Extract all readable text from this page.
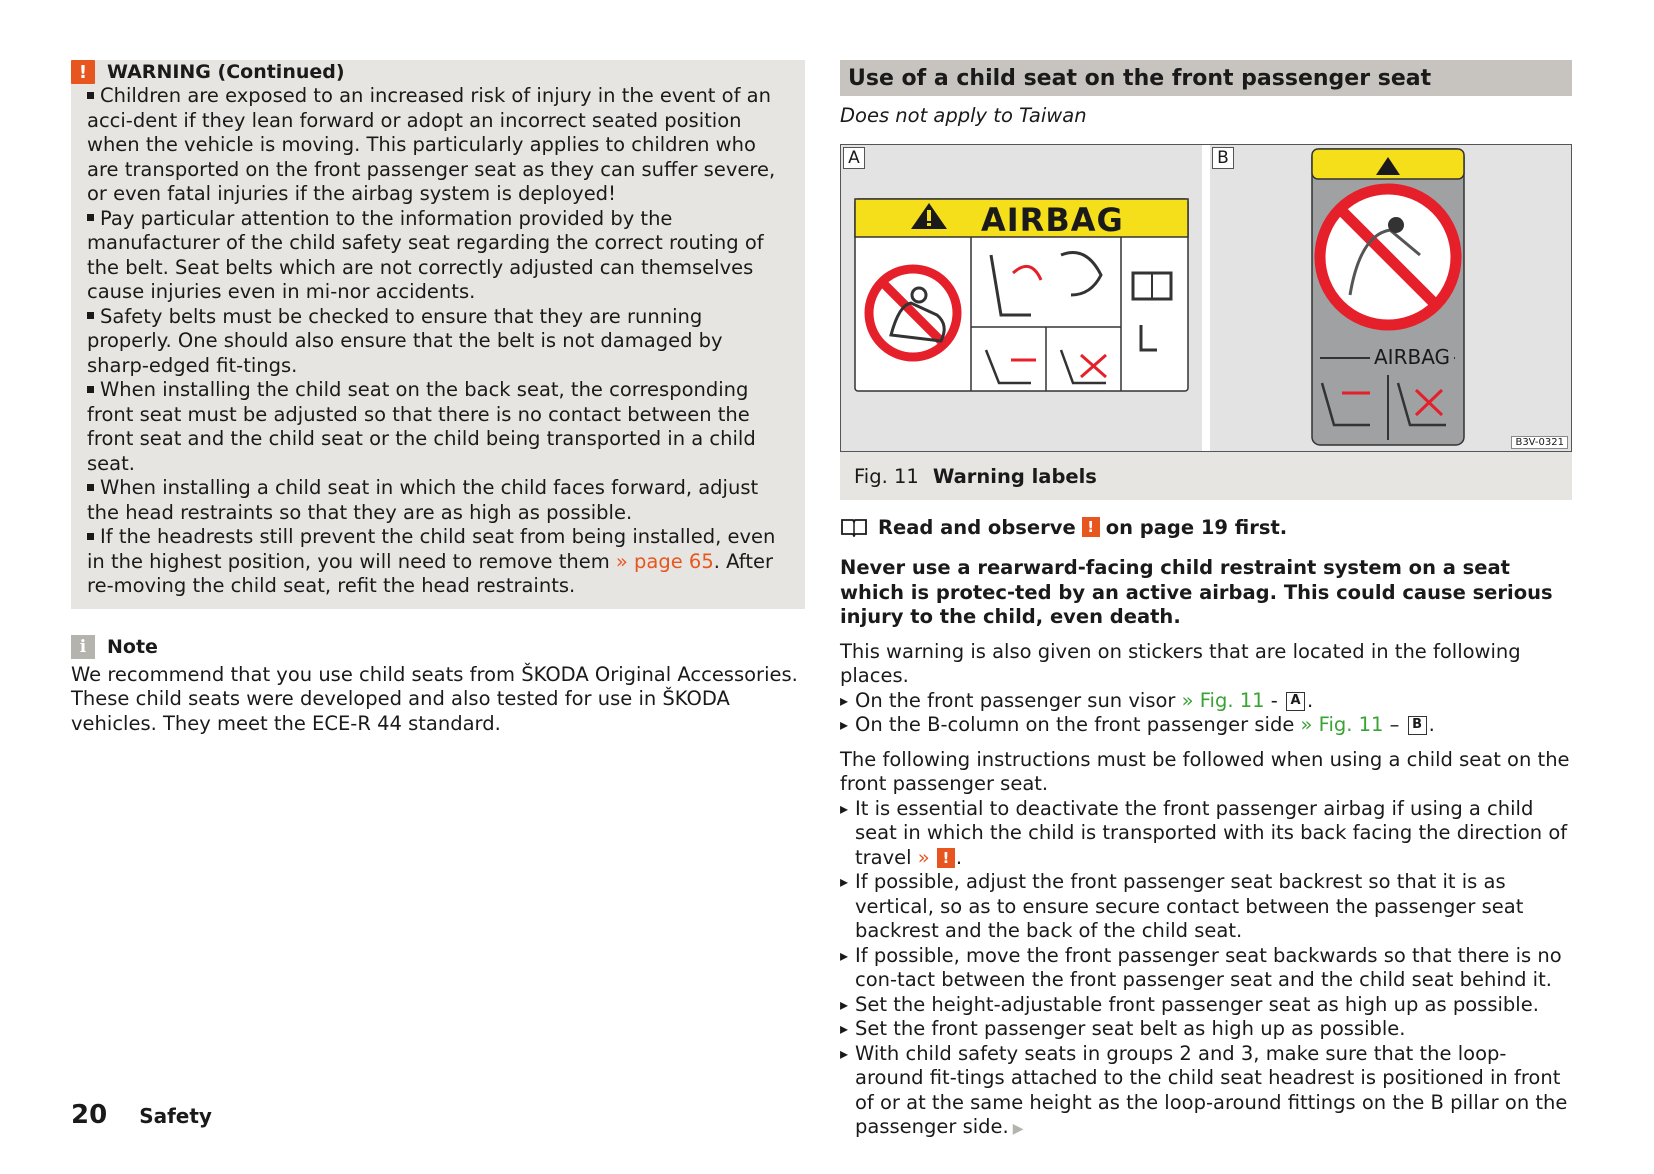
!	WARNING (Continued)

Children are exposed to an increased risk of injury in the event of an acci-dent if they lean forward or adopt an incorrect seated position when the vehicle is moving. This particularly applies to children who are transported on the front passenger seat as they can suffer severe, or even fatal injuries if the airbag system is deployed!

Pay particular attention to the information provided by the manufacturer of the child safety seat regarding the correct routing of the belt. Seat belts which are not correctly adjusted can themselves cause injuries even in mi-nor accidents.

Safety belts must be checked to ensure that they are running properly. One should also ensure that the belt is not damaged by sharp-edged fit-tings.

When installing the child seat on the back seat, the corresponding front seat must be adjusted so that there is no contact between the front seat and the child seat or the child being transported in a child seat.

When installing a child seat in which the child faces forward, adjust the head restraints so that they are as high as possible.

If the headrests still prevent the child seat from being installed, even in the highest position, you will need to remove them » page 65. After re-moving the child seat, refit the head restraints.

i	Note
We recommend that you use child seats from ŠKODA Original Accessories. These child seats were developed and also tested for use in ŠKODA vehicles. They meet the ECE-R 44 standard.
Use of a child seat on the front passenger seat
Does not apply to Taiwan
A
AIRBAG
B
AIRBAG
B3V-0321
Fig. 11 Warning labels
Read and observe ! on page 19 first.
Never use a rearward-facing child restraint system on a seat which is protec-ted by an active airbag. This could cause serious injury to the child, even death.
This warning is also given on stickers that are located in the following places.
▸ On the front passenger sun visor » Fig. 11 - A .
▸ On the B-column on the front passenger side » Fig. 11 – B .
The following instructions must be followed when using a child seat on the front passenger seat.
▸ It is essential to deactivate the front passenger airbag if using a child seat in which the child is transported with its back facing the direction of travel » ! .
▸ If possible, adjust the front passenger seat backrest so that it is as vertical, so as to ensure secure contact between the passenger seat backrest and the back of the child seat.
▸ If possible, move the front passenger seat backwards so that there is no con-tact between the front passenger seat and the child seat behind it.
▸ Set the height-adjustable front passenger seat as high up as possible.
▸ Set the front passenger seat belt as high up as possible.
▸ With child safety seats in groups 2 and 3, make sure that the loop-around fit-tings attached to the child seat headrest is positioned in front of or at the same height as the loop-around fittings on the B pillar on the passenger side. ▶
20 Safety
